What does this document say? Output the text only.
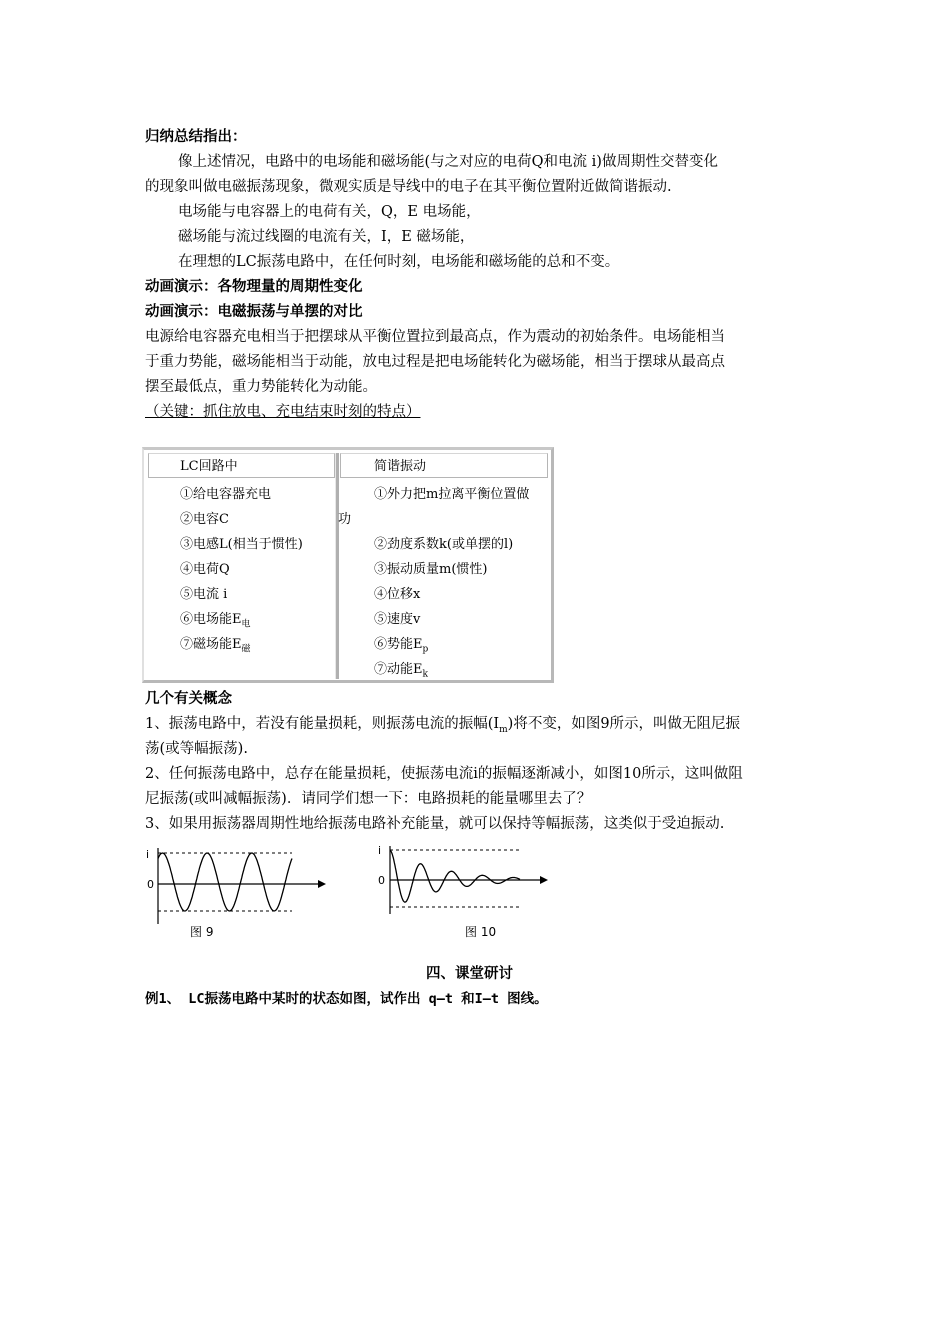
归纳总结指出：
像上述情况，电路中的电场能和磁场能(与之对应的电荷Q和电流 i)做周期性交替变化
的现象叫做电磁振荡现象，微观实质是导线中的电子在其平衡位置附近做简谐振动.
电场能与电容器上的电荷有关，Q，E 电场能，
磁场能与流过线圈的电流有关，I，E 磁场能，
在理想的LC振荡电路中，在任何时刻，电场能和磁场能的总和不变。
动画演示：各物理量的周期性变化
动画演示：电磁振荡与单摆的对比
电源给电容器充电相当于把摆球从平衡位置拉到最高点，作为震动的初始条件。电场能相当
于重力势能，磁场能相当于动能，放电过程是把电场能转化为磁场能，相当于摆球从最高点
摆至最低点，重力势能转化为动能。
（关键：抓住放电、充电结束时刻的特点）
LC回路中	简谐振动
①给电容器充电
②电容C
③电感L(相当于惯性)
④电荷Q
⑤电流 i
⑥电场能$E_电$
⑦磁场能$E_磁$
①外力把m拉离平衡位置做
功
②劲度系数k(或单摆的l)
③振动质量m(惯性)
④位移x
⑤速度v
⑥势能$E_p$
⑦动能$E_k$
几个有关概念
1、振荡电路中，若没有能量损耗，则振荡电流的振幅$(I_m)$将不变，如图9所示，叫做无阻尼振
荡(或等幅振荡).
2、任何振荡电路中，总存在能量损耗，使振荡电流i的振幅逐渐减小，如图10所示，这叫做阻
尼振荡(或叫减幅振荡)．请同学们想一下：电路损耗的能量哪里去了？
3、如果用振荡器周期性地给振荡电路补充能量，就可以保持等幅振荡，这类似于受迫振动.
i
0
图 9
i
0
图 10
四、课堂研讨
例1、 LC振荡电路中某时的状态如图，试作出 q—t 和I—t 图线。
